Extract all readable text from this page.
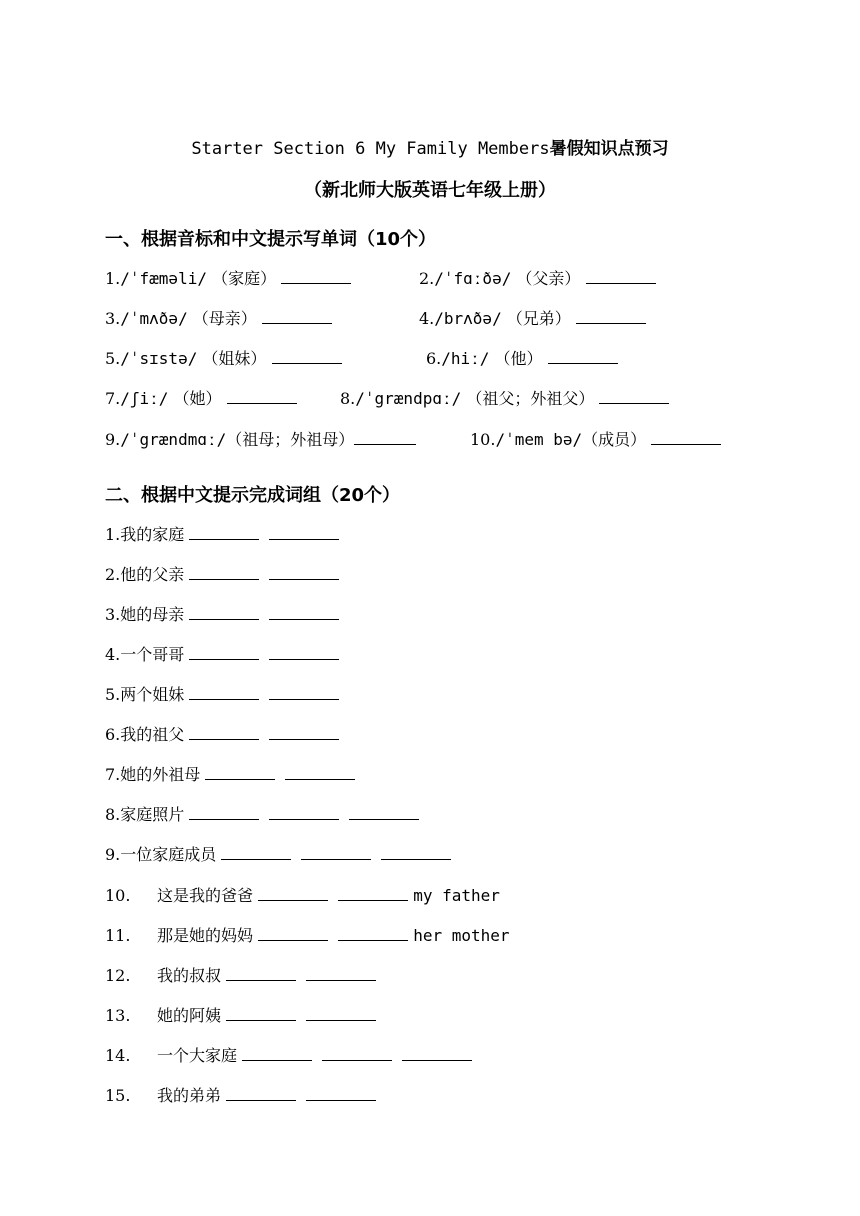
Starter Section 6 My Family Members暑假知识点预习
（新北师大版英语七年级上册）
一、根据音标和中文提示写单词（10个）
1./ˈfæməli/ （家庭）	2./ˈfɑːðə/ （父亲）
3./ˈmʌðə/ （母亲）	4./brʌðə/ （兄弟）
5./ˈsɪstə/ （姐妹）	6./hiː/ （他）
7./ʃiː/ （她）	8./ˈgrændpɑː/ （祖父；外祖父）
9./ˈgrændmɑː/（祖母；外祖母）	10./ˈmem bə/（成员）
二、根据中文提示完成词组（20个）
1.我的家庭
2.他的父亲
3.她的母亲
4.一个哥哥
5.两个姐妹
6.我的祖父
7.她的外祖母
8.家庭照片
9.一位家庭成员
10. 这是我的爸爸	my father
11. 那是她的妈妈	her mother
12. 我的叔叔
13. 她的阿姨
14. 一个大家庭
15. 我的弟弟
